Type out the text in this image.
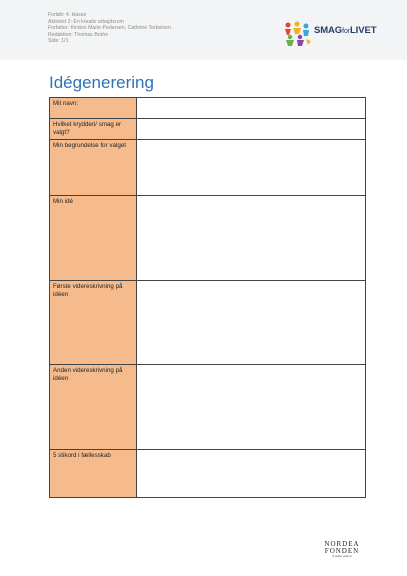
Forløb: 4. klasse
Aktivitet 2: En kreativ arbejdsrum
Forfatter: Kirsten Marie Pedersen, Cathrine Terkelsen
Redaktion: Thomas Brahe
Side: 1/1
SMAGforLIVET
Idégenerering
Mit navn:
Hvilket krydderi/ smag er valgt?
Min begrundelse for valget
Min idé
Første videreskrivning på idéen
Anden videreskrivning på idéen
5 stikord i fællesskab
NORDEA
FONDEN
Vi støtter gode liv
